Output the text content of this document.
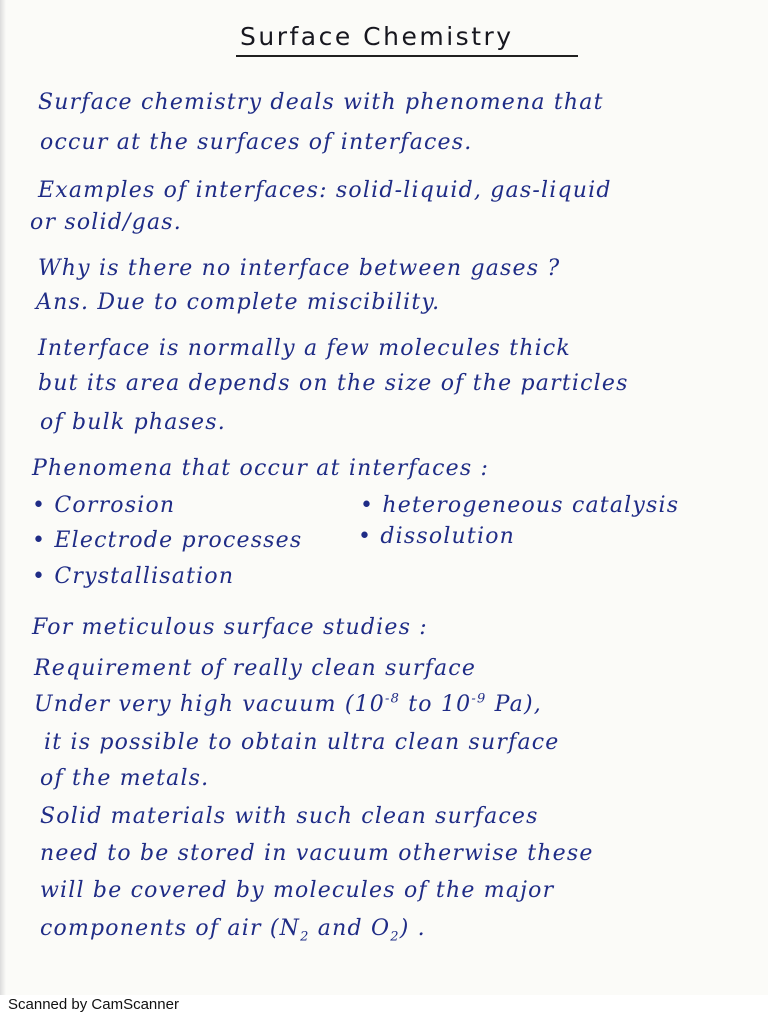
Surface Chemistry
Surface chemistry deals with phenomena that
occur at the surfaces of interfaces.
Examples of interfaces: solid-liquid, gas-liquid
or solid/gas.
Why is there no interface between gases ?
Ans. Due to complete miscibility.
Interface is normally a few molecules thick
but its area depends on the size of the particles
of bulk phases.
Phenomena that occur at interfaces :
• Corrosion	• heterogeneous catalysis
• Electrode processes	• dissolution
• Crystallisation
For meticulous surface studies :
Requirement of really clean surface
Under very high vacuum ($10^{-8}$ to $10^{-9}$ Pa),
it is possible to obtain ultra clean surface
of the metals.
Solid materials with such clean surfaces
need to be stored in vacuum otherwise these
will be covered by molecules of the major
components of air ($N_2$ and $O_2$) .
Scanned by CamScanner
